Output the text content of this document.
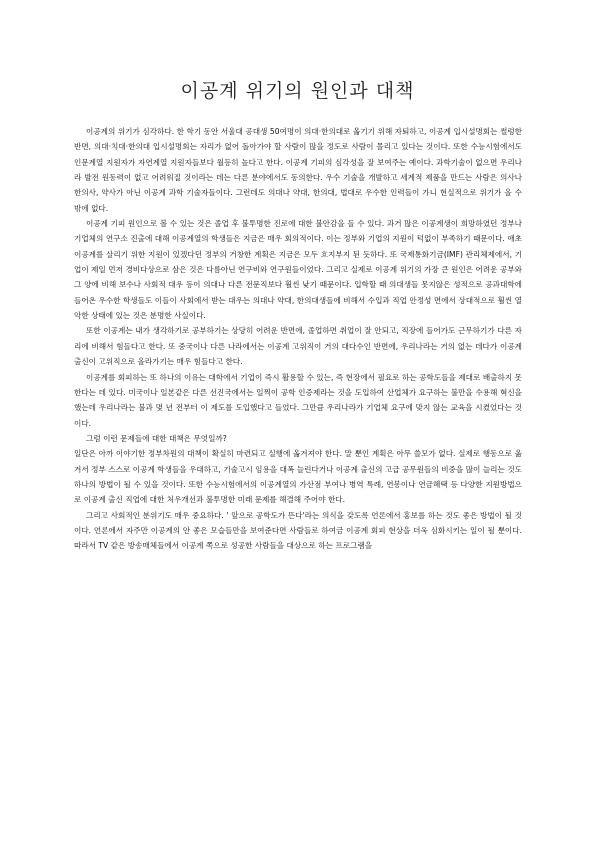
이공계 위기의 원인과 대책

이공계의 위기가 심각하다. 한 학기 동안 서울대 공대생 50여명이 의대·한의대로 옮기기 위해 자퇴하고, 이공계 입시설명회는 썰렁한 반면, 의대·치대·한의대 입시설명회는 자리가 없어 돌아가야 할 사람이 많을 정도로 사람이 몰리고 있다는 것이다. 또한 수능시험에서도 인문계열 지원자가 자연계열 지원자들보다 월등히 높다고 한다. 이공계 기피의 심각성을 잘 보여주는 예이다. 과학기술이 없으면 우리나라 발전 원동력이 없고 어려워질 것이라는 데는 다른 분야에서도 동의한다. 우수 기술을 개발하고 세계적 제품을 만드는 사람은 의사나 한의사, 약사가 아닌 이공계 과학 기술자들이다. 그런데도 의대나 약대, 한의대, 법대로 우수한 인력들이 가니 현실적으로 위기가 올 수 밖에 없다.

이공계 기피 원인으로 볼 수 있는 것은 졸업 후 불투명한 진로에 대한 불안감을 들 수 있다. 과거 많은 이공계생이 희망하였던 정부나 기업체의 연구소 진출에 대해 이공계열의 학생들은 지금은 매우 회의적이다. 이는 정부와 기업의 지원이 턱없이 부족하기 때문이다. 애초 이공계를 살리기 위한 지원이 있겠다던 정부의 거창한 계획은 지금은 모두 흐지부지 된 듯하다. 또 국제통화기금(IMF) 관리체제에서, 기업이 제일 먼저 경비다상으로 삼은 것은 다름아닌 연구비와 연구원들이었다. 그리고 실제로 이공계 위기의 가장 큰 원인은 어려운 공부와 그 양에 비해 보수나 사회적 대우 등이 의대나 다른 전문직보다 훨씬 낮기 때문이다. 입학할 때 의대생들 못지않은 성적으로 공과대학에 들어온 우수한 학생들도 이들이 사회에서 받는 대우는 의대나 약대, 한의대생들에 비해서 수입과 직업 안정성 면에서 상대적으로 훨씬 열악한 상태에 있는 것은 분명한 사실이다.

또한 이공계는 내가 생각하기로 공부하기는 상당히 어려운 반면에, 졸업하면 취업이 잘 안되고, 직장에 들어가도 근무하기가 다른 자리에 비해서 힘들다고 한다. 또 중국이나 다른 나라에서는 이공계 고위직이 거의 대다수인 반면에, 우리나라는 거의 없는 데다가 이공계 출신이 고위직으로 올라가기는 매우 힘들다고 한다.

이공계를 회피하는 또 하나의 이유는 대학에서 기업이 즉시 활용할 수 있는, 즉 현장에서 필요로 하는 공학도들을 제대로 배출하지 못한다는 데 있다. 미국이나 일본같은 다른 선진국에서는 일찍이 공학 인증제라는 것을 도입하여 산업체가 요구하는 불만을 수용해 혁신을 했는데 우리나라는 불과 몇 년 전부터 이 제도를 도입했다고 들었다. 그만큼 우리나라가 기업체 요구에 맞지 않는 교육을 시켰었다는 것이다.

그럼 이런 문제들에 대한 대책은 무엇일까?

일단은 아까 이야기한 정부차원의 대책이 확실히 마련되고 실행에 옮겨져야 한다. 말 뿐인 계획은 아무 쓸모가 없다. 실제로 행동으로 옮겨서 정부 스스로 이공계 학생들을 우대하고, 기술고시 임용을 대폭 늘린다거나 이공계 출신의 고급 공무원들의 비중을 많이 늘리는 것도 하나의 방법이 될 수 있을 것이다. 또한 수능시험에서의 이공계열의 가산점 부여나 병역 특례, 연봉이나 연금혜택 등 다양한 지원방법으로 이공계 출신 직업에 대한 처우개선과 불투명한 미래 문제를 해결해 주어야 한다.

그리고 사회적인 분위기도 매우 중요하다. ' 앞으로 공학도가 뜬다'라는 의식을 갖도록 언론에서 홍보를 하는 것도 좋은 방법이 될 것이다. 언론에서 자주만 이공계의 안 좋은 모습들만을 보여준다면 사람들로 하여금 이공계 회피 현상을 더욱 심화시키는 일이 될 뿐이다. 따라서 TV 같은 방송매체들에서 이공계 쪽으로 성공한 사람들을 대상으로 하는 프로그램을
